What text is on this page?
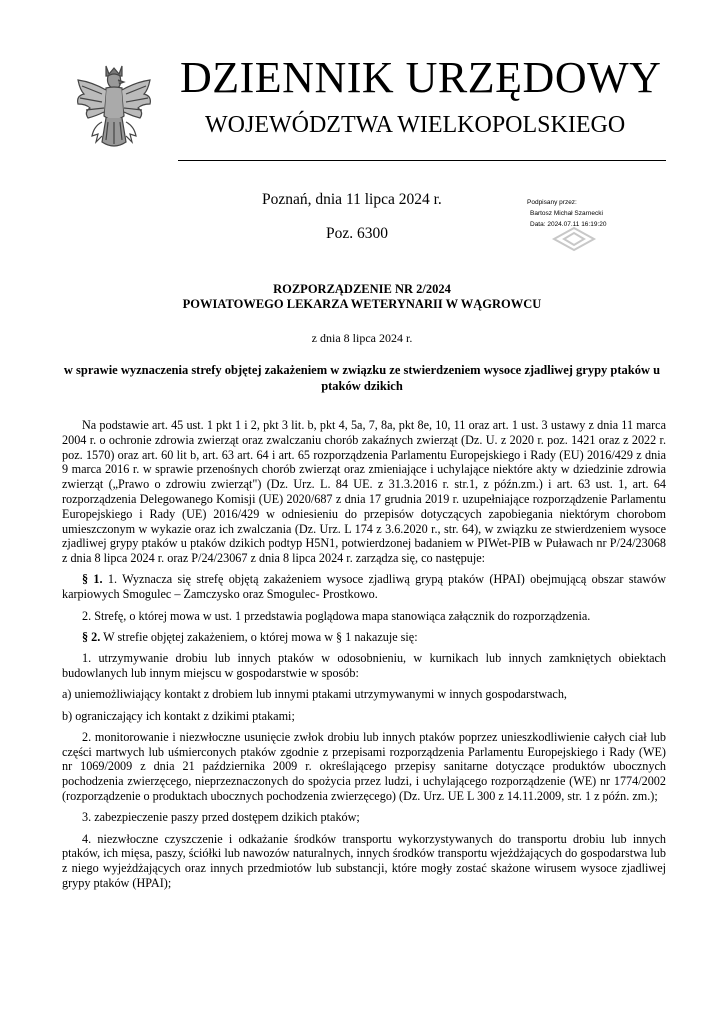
DZIENNIK URZĘDOWY
WOJEWÓDZTWA WIELKOPOLSKIEGO
Poznań, dnia 11 lipca 2024 r.
Poz. 6300
Podpisany przez:
Bartosz Michał Szarnecki
Data: 2024.07.11 16:19:20
ROZPORZĄDZENIE NR 2/2024
POWIATOWEGO LEKARZA WETERYNARII W WĄGROWCU
z dnia 8 lipca 2024 r.
w sprawie wyznaczenia strefy objętej zakażeniem w związku ze stwierdzeniem wysoce zjadliwej grypy ptaków u ptaków dzikich

Na podstawie art. 45 ust. 1 pkt 1 i 2, pkt 3 lit. b, pkt 4, 5a, 7, 8a, pkt 8e, 10, 11 oraz art. 1 ust. 3 ustawy z dnia 11 marca 2004 r. o ochronie zdrowia zwierząt oraz zwalczaniu chorób zakaźnych zwierząt (Dz. U. z 2020 r. poz. 1421 oraz z 2022 r. poz. 1570) oraz art. 60 lit b, art. 63 art. 64 i art. 65 rozporządzenia Parlamentu Europejskiego i Rady (EU) 2016/429 z dnia 9 marca 2016 r. w sprawie przenośnych chorób zwierząt oraz zmieniające i uchylające niektóre akty w dziedzinie zdrowia zwierząt („Prawo o zdrowiu zwierząt") (Dz. Urz. L. 84 UE. z 31.3.2016 r. str.1, z późn.zm.) i art. 63 ust. 1, art. 64 rozporządzenia Delegowanego Komisji (UE) 2020/687 z dnia 17 grudnia 2019 r. uzupełniające rozporządzenie Parlamentu Europejskiego i Rady (UE) 2016/429 w odniesieniu do przepisów dotyczących zapobiegania niektórym chorobom umieszczonym w wykazie oraz ich zwalczania (Dz. Urz. L 174 z 3.6.2020 r., str. 64), w związku ze stwierdzeniem wysoce zjadliwej grypy ptaków u ptaków dzikich podtyp H5N1, potwierdzonej badaniem w PIWet-PIB w Puławach nr P/24/23068 z dnia 8 lipca 2024 r. oraz P/24/23067 z dnia 8 lipca 2024 r. zarządza się, co następuje:

§ 1. 1. Wyznacza się strefę objętą zakażeniem wysoce zjadliwą grypą ptaków (HPAI) obejmującą obszar stawów karpiowych Smogulec – Zamczysko oraz Smogulec- Prostkowo.

2. Strefę, o której mowa w ust. 1 przedstawia poglądowa mapa stanowiąca załącznik do rozporządzenia.

§ 2. W strefie objętej zakażeniem, o której mowa w § 1 nakazuje się:

1. utrzymywanie drobiu lub innych ptaków w odosobnieniu, w kurnikach lub innych zamkniętych obiektach budowlanych lub innym miejscu w gospodarstwie w sposób:

a) uniemożliwiający kontakt z drobiem lub innymi ptakami utrzymywanymi w innych gospodarstwach,

b) ograniczający ich kontakt z dzikimi ptakami;

2. monitorowanie i niezwłoczne usunięcie zwłok drobiu lub innych ptaków poprzez unieszkodliwienie całych ciał lub części martwych lub uśmierconych ptaków zgodnie z przepisami rozporządzenia Parlamentu Europejskiego i Rady (WE) nr 1069/2009 z dnia 21 października 2009 r. określającego przepisy sanitarne dotyczące produktów ubocznych pochodzenia zwierzęcego, nieprzeznaczonych do spożycia przez ludzi, i uchylającego rozporządzenie (WE) nr 1774/2002 (rozporządzenie o produktach ubocznych pochodzenia zwierzęcego) (Dz. Urz. UE L 300 z 14.11.2009, str. 1 z późn. zm.);

3. zabezpieczenie paszy przed dostępem dzikich ptaków;

4. niezwłoczne czyszczenie i odkażanie środków transportu wykorzystywanych do transportu drobiu lub innych ptaków, ich mięsa, paszy, ściółki lub nawozów naturalnych, innych środków transportu wjeżdżających do gospodarstwa lub z niego wyjeżdżających oraz innych przedmiotów lub substancji, które mogły zostać skażone wirusem wysoce zjadliwej grypy ptaków (HPAI);
